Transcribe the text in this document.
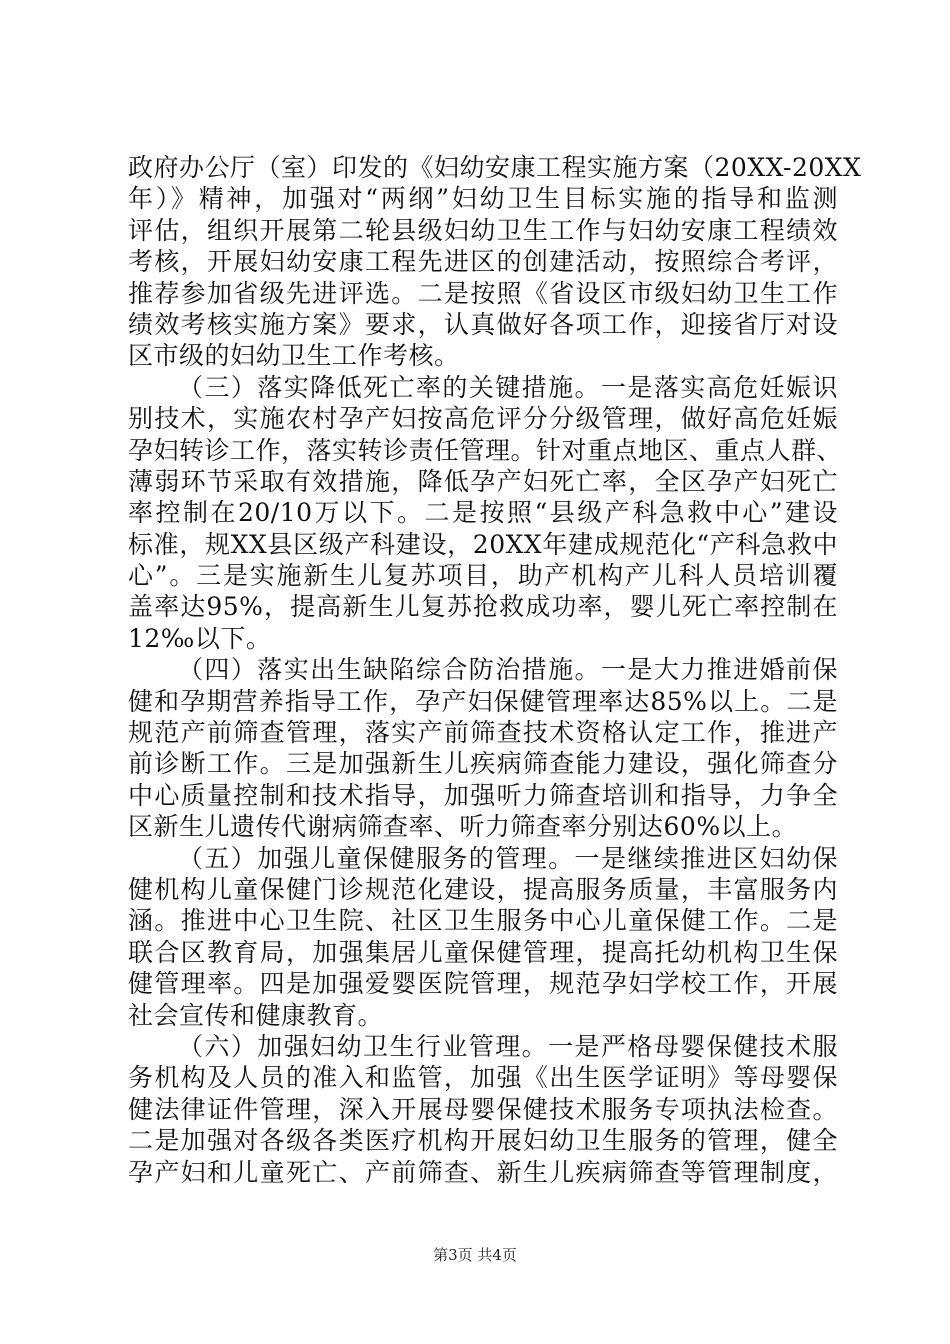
政府办公厅（室）印发的《妇幼安康工程实施方案（20XX-20XX
年）》精神，加强对“两纲”妇幼卫生目标实施的指导和监测
评估，组织开展第二轮县级妇幼卫生工作与妇幼安康工程绩效
考核，开展妇幼安康工程先进区的创建活动，按照综合考评，
推荐参加省级先进评选。二是按照《省设区市级妇幼卫生工作
绩效考核实施方案》要求，认真做好各项工作，迎接省厅对设
区市级的妇幼卫生工作考核。
（三）落实降低死亡率的关键措施。一是落实高危妊娠识
别技术，实施农村孕产妇按高危评分分级管理，做好高危妊娠
孕妇转诊工作，落实转诊责任管理。针对重点地区、重点人群、
薄弱环节采取有效措施，降低孕产妇死亡率，全区孕产妇死亡
率控制在20/10万以下。二是按照“县级产科急救中心”建设
标准，规XX县区级产科建设，20XX年建成规范化“产科急救中
心”。三是实施新生儿复苏项目，助产机构产儿科人员培训覆
盖率达95%，提高新生儿复苏抢救成功率，婴儿死亡率控制在
12‰以下。
（四）落实出生缺陷综合防治措施。一是大力推进婚前保
健和孕期营养指导工作，孕产妇保健管理率达85%以上。二是
规范产前筛查管理，落实产前筛查技术资格认定工作，推进产
前诊断工作。三是加强新生儿疾病筛查能力建设，强化筛查分
中心质量控制和技术指导，加强听力筛查培训和指导，力争全
区新生儿遗传代谢病筛查率、听力筛查率分别达60%以上。
（五）加强儿童保健服务的管理。一是继续推进区妇幼保
健机构儿童保健门诊规范化建设，提高服务质量，丰富服务内
涵。推进中心卫生院、社区卫生服务中心儿童保健工作。二是
联合区教育局，加强集居儿童保健管理，提高托幼机构卫生保
健管理率。四是加强爱婴医院管理，规范孕妇学校工作，开展
社会宣传和健康教育。
（六）加强妇幼卫生行业管理。一是严格母婴保健技术服
务机构及人员的准入和监管，加强《出生医学证明》等母婴保
健法律证件管理，深入开展母婴保健技术服务专项执法检查。
二是加强对各级各类医疗机构开展妇幼卫生服务的管理，健全
孕产妇和儿童死亡、产前筛查、新生儿疾病筛查等管理制度，
第3页 共4页
